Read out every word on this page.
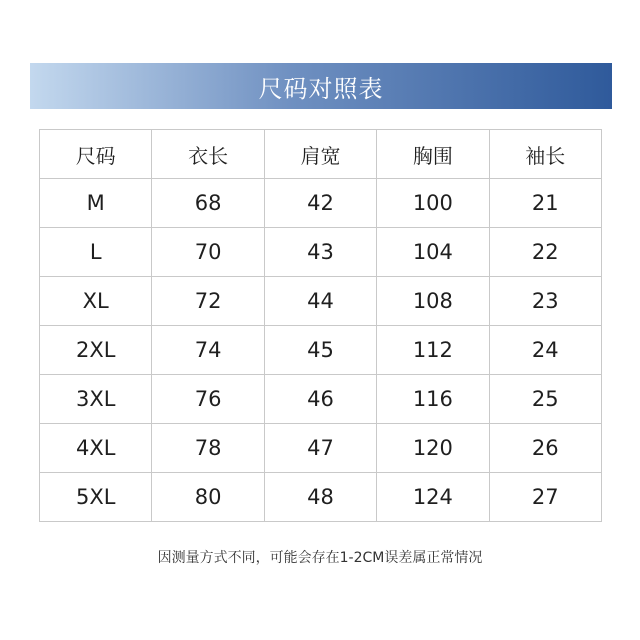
尺码对照表
尺码	衣长	肩宽	胸围	袖长
M	68	42	100	21
L	70	43	104	22
XL	72	44	108	23
2XL	74	45	112	24
3XL	76	46	116	25
4XL	78	47	120	26
5XL	80	48	124	27
因测量方式不同，可能会存在1-2CM误差属正常情况
